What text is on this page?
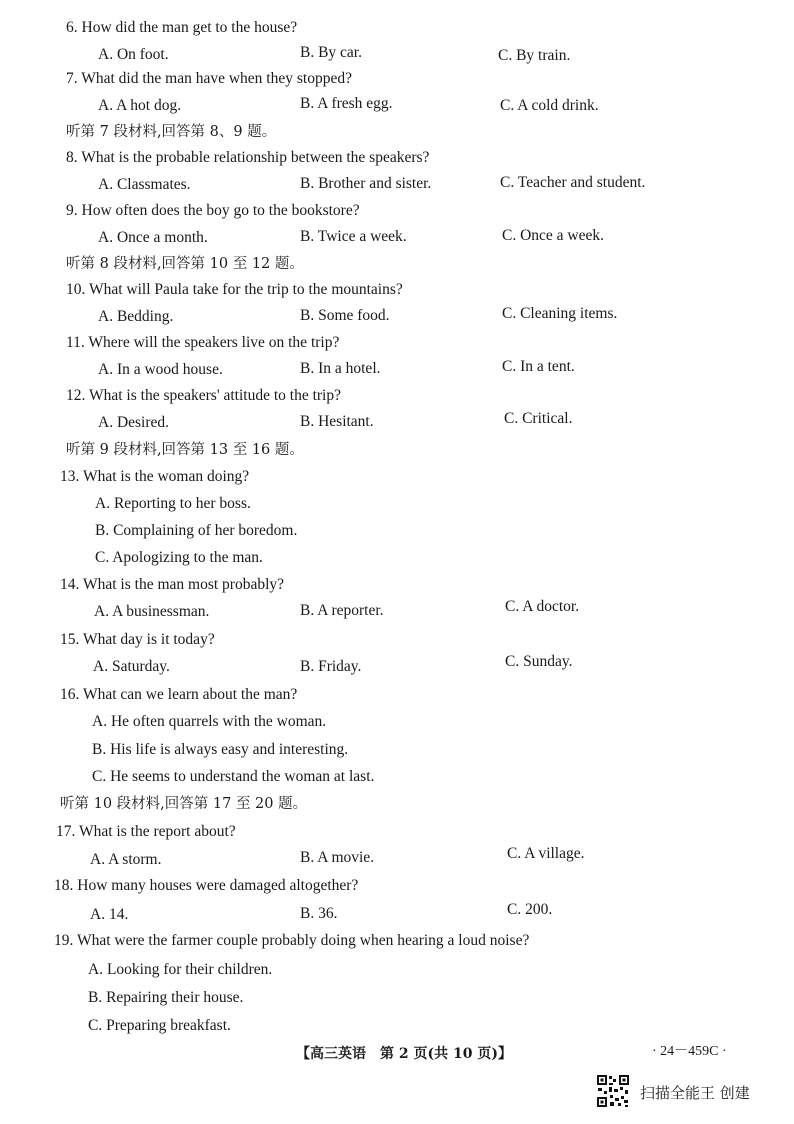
6. How did the man get to the house?
A. On foot.	B. By car.	C. By train.
7. What did the man have when they stopped?
A. A hot dog.	B. A fresh egg.	C. A cold drink.
听第 7 段材料,回答第 8、9 题。
8. What is the probable relationship between the speakers?
A. Classmates.	B. Brother and sister.	C. Teacher and student.
9. How often does the boy go to the bookstore?
A. Once a month.	B. Twice a week.	C. Once a week.
听第 8 段材料,回答第 10 至 12 题。
10. What will Paula take for the trip to the mountains?
A. Bedding.	B. Some food.	C. Cleaning items.
11. Where will the speakers live on the trip?
A. In a wood house.	B. In a hotel.	C. In a tent.
12. What is the speakers' attitude to the trip?
A. Desired.	B. Hesitant.	C. Critical.
听第 9 段材料,回答第 13 至 16 题。
13. What is the woman doing?
A. Reporting to her boss.
B. Complaining of her boredom.
C. Apologizing to the man.
14. What is the man most probably?
A. A businessman.	B. A reporter.	C. A doctor.
15. What day is it today?
A. Saturday.	B. Friday.	C. Sunday.
16. What can we learn about the man?
A. He often quarrels with the woman.
B. His life is always easy and interesting.
C. He seems to understand the woman at last.
听第 10 段材料,回答第 17 至 20 题。
17. What is the report about?
A. A storm.	B. A movie.	C. A village.
18. How many houses were damaged altogether?
A. 14.	B. 36.	C. 200.
19. What were the farmer couple probably doing when hearing a loud noise?
A. Looking for their children.
B. Repairing their house.
C. Preparing breakfast.
【高三英语　第 2 页(共 10 页)】	· 24－459C ·
扫描全能王 创建
